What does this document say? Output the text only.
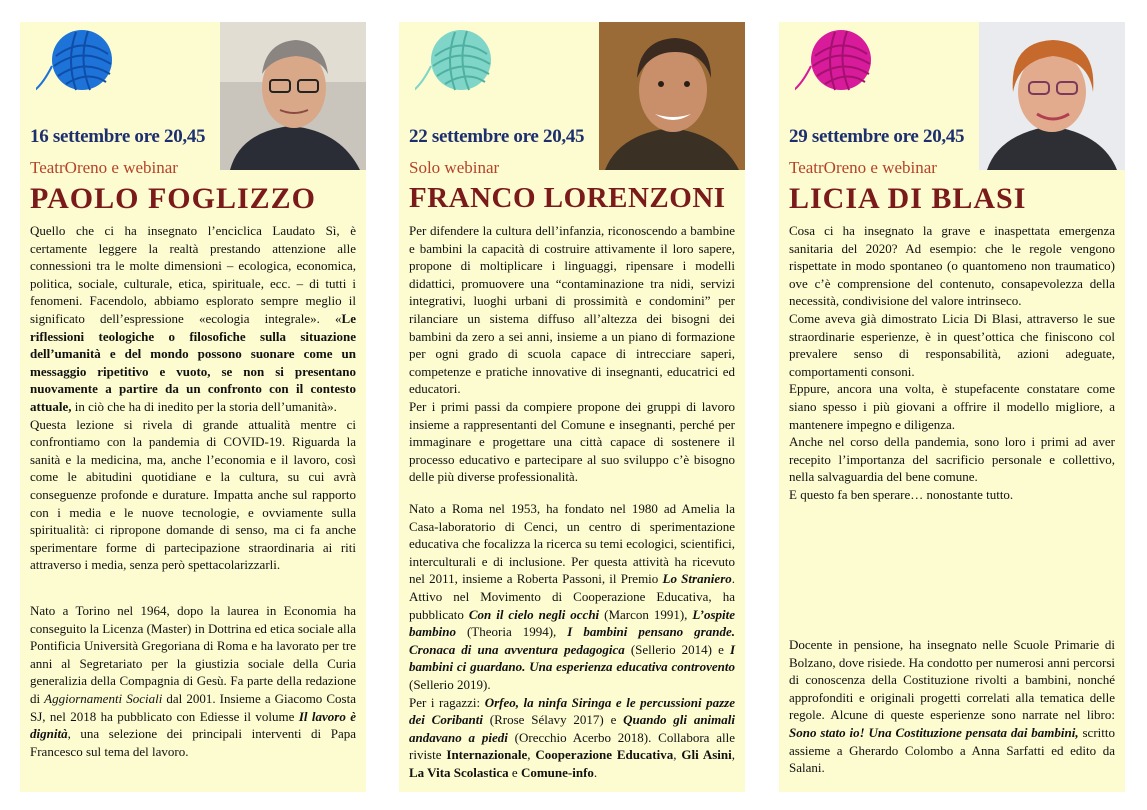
16 settembre ore 20,45
TeatrOreno e webinar
PAOLO FOGLIZZO

Quello che ci ha insegnato l’enciclica Laudato Sì, è certamente leggere la realtà prestando attenzione alle connessioni tra le molte dimensioni – ecologica, economica, politica, sociale, culturale, etica, spirituale, ecc. – di tutti i fenomeni. Facendolo, abbiamo esplorato sempre meglio il significato dell’espressione «ecologia integrale». «Le riflessioni teologiche o filosofiche sulla situazione dell’umanità e del mondo possono suonare come un messaggio ripetitivo e vuoto, se non si presentano nuovamente a partire da un confronto con il contesto attuale, in ciò che ha di inedito per la storia dell’umanità».

Questa lezione si rivela di grande attualità mentre ci confrontiamo con la pandemia di COVID-19. Riguarda la sanità e la medicina, ma, anche l’economia e il lavoro, così come le abitudini quotidiane e la cultura, su cui avrà conseguenze profonde e durature. Impatta anche sul rapporto con i media e le nuove tecnologie, e ovviamente sulla spiritualità: ci ripropone domande di senso, ma ci fa anche sperimentare forme di partecipazione straordinaria ai riti attraverso i media, senza però spettacolarizzarli.

Nato a Torino nel 1964, dopo la laurea in Economia ha conseguito la Licenza (Master) in Dottrina ed etica sociale alla Pontificia Università Gregoriana di Roma e ha lavorato per tre anni al Segretariato per la giustizia sociale della Curia generalizia della Compagnia di Gesù. Fa parte della redazione di Aggiornamenti Sociali dal 2001. Insieme a Giacomo Costa SJ, nel 2018 ha pubblicato con Ediesse il volume Il lavoro è dignità, una selezione dei principali interventi di Papa Francesco sul tema del lavoro.

22 settembre ore 20,45
Solo webinar
FRANCO LORENZONI

Per difendere la cultura dell’infanzia, riconoscendo a bambine e bambini la capacità di costruire attivamente il loro sapere, propone di moltiplicare i linguaggi, ripensare i modelli didattici, promuovere una “contaminazione tra nidi, servizi integrativi, luoghi urbani di prossimità e condomini” per rilanciare un sistema diffuso all’altezza dei bisogni dei bambini da zero a sei anni, insieme a un piano di formazione per ogni grado di scuola capace di intrecciare saperi, competenze e pratiche innovative di insegnanti, educatrici ed educatori.

Per i primi passi da compiere propone dei gruppi di lavoro insieme a rappresentanti del Comune e insegnanti, perché per immaginare e progettare una città capace di sostenere il processo educativo e partecipare al suo sviluppo c’è bisogno delle più diverse professionalità.

Nato a Roma nel 1953, ha fondato nel 1980 ad Amelia la Casa-laboratorio di Cenci, un centro di sperimentazione educativa che focalizza la ricerca su temi ecologici, scientifici, interculturali e di inclusione. Per questa attività ha ricevuto nel 2011, insieme a Roberta Passoni, il Premio Lo Straniero. Attivo nel Movimento di Cooperazione Educativa, ha pubblicato Con il cielo negli occhi (Marcon 1991), L’ospite bambino (Theoria 1994), I bambini pensano grande. Cronaca di una avventura pedagogica (Sellerio 2014) e I bambini ci guardano. Una esperienza educativa controvento (Sellerio 2019).

Per i ragazzi: Orfeo, la ninfa Siringa e le percussioni pazze dei Coribanti (Rrose Sélavy 2017) e Quando gli animali andavano a piedi (Orecchio Acerbo 2018). Collabora alle riviste Internazionale, Cooperazione Educativa, Gli Asini, La Vita Scolastica e Comune-info.

29 settembre ore 20,45
TeatrOreno e webinar
LICIA DI BLASI

Cosa ci ha insegnato la grave e inaspettata emergenza sanitaria del 2020? Ad esempio: che le regole vengono rispettate in modo spontaneo (o quantomeno non traumatico) ove c’è comprensione del contenuto, consapevolezza della necessità, condivisione del valore intrinseco.

Come aveva già dimostrato Licia Di Blasi, attraverso le sue straordinarie esperienze, è in quest’ottica che finiscono col prevalere senso di responsabilità, azioni adeguate, comportamenti consoni.

Eppure, ancora una volta, è stupefacente constatare come siano spesso i più giovani a offrire il modello migliore, a mantenere impegno e diligenza.

Anche nel corso della pandemia, sono loro i primi ad aver recepito l’importanza del sacrificio personale e collettivo, nella salvaguardia del bene comune.

E questo fa ben sperare… nonostante tutto.

Docente in pensione, ha insegnato nelle Scuole Primarie di Bolzano, dove risiede. Ha condotto per numerosi anni percorsi di conoscenza della Costituzione rivolti a bambini, nonché approfonditi e originali progetti correlati alla tematica delle regole. Alcune di queste esperienze sono narrate nel libro: Sono stato io! Una Costituzione pensata dai bambini, scritto assieme a Gherardo Colombo a Anna Sarfatti ed edito da Salani.
